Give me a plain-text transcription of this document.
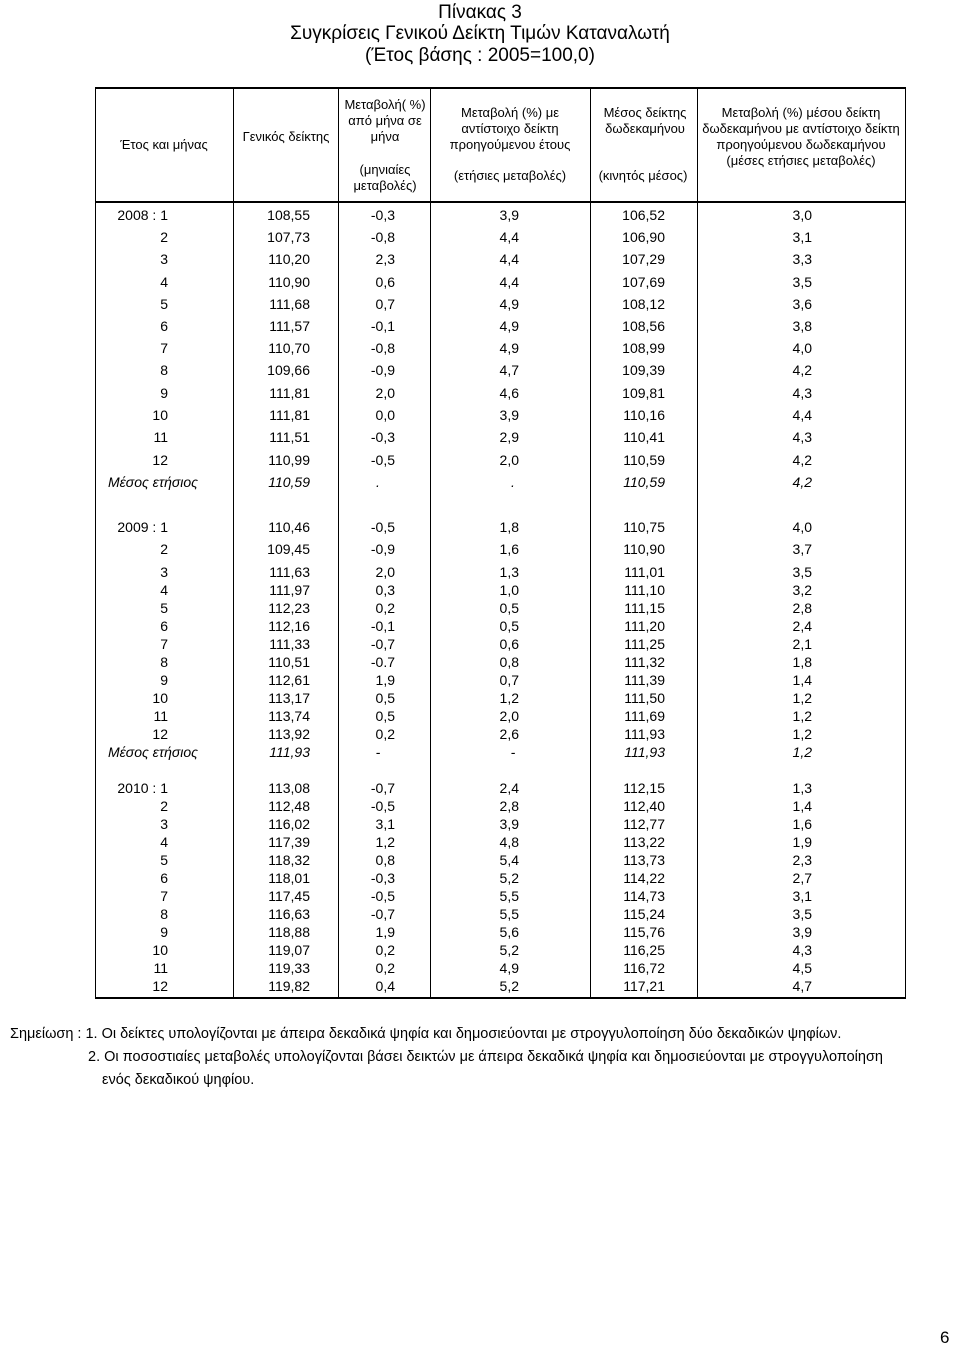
Πίνακας 3
Συγκρίσεις Γενικού Δείκτη Τιμών Καταναλωτή
(Έτος βάσης : 2005=100,0)
Έτος και μήνας
Γενικός δείκτης
Μεταβολή( %) από μήνα σε μήνα
(μηνιαίες μεταβολές)
Μεταβολή (%) με αντίστοιχο δείκτη προηγούμενου έτους
(ετήσιες μεταβολές)
Μέσος δείκτης δωδεκαμήνου
(κινητός μέσος)
Μεταβολή (%) μέσου δείκτη δωδεκαμήνου με αντίστοιχο δείκτη προηγούμενου δωδεκαμήνου (μέσες ετήσιες μεταβολές)
2008 : 1	108,55	-0,3	3,9	106,52	3,0
2	107,73	-0,8	4,4	106,90	3,1
3	110,20	2,3	4,4	107,29	3,3
4	110,90	0,6	4,4	107,69	3,5
5	111,68	0,7	4,9	108,12	3,6
6	111,57	-0,1	4,9	108,56	3,8
7	110,70	-0,8	4,9	108,99	4,0
8	109,66	-0,9	4,7	109,39	4,2
9	111,81	2,0	4,6	109,81	4,3
10	111,81	0,0	3,9	110,16	4,4
11	111,51	-0,3	2,9	110,41	4,3
12	110,99	-0,5	2,0	110,59	4,2
Μέσος ετήσιος	110,59	.	.	110,59	4,2
2009 : 1	110,46	-0,5	1,8	110,75	4,0
2	109,45	-0,9	1,6	110,90	3,7
3	111,63	2,0	1,3	111,01	3,5
4	111,97	0,3	1,0	111,10	3,2
5	112,23	0,2	0,5	111,15	2,8
6	112,16	-0,1	0,5	111,20	2,4
7	111,33	-0,7	0,6	111,25	2,1
8	110,51	-0.7	0,8	111,32	1,8
9	112,61	1,9	0,7	111,39	1,4
10	113,17	0,5	1,2	111,50	1,2
11	113,74	0,5	2,0	111,69	1,2
12	113,92	0,2	2,6	111,93	1,2
Μέσος ετήσιος	111,93	-	-	111,93	1,2
2010 : 1	113,08	-0,7	2,4	112,15	1,3
2	112,48	-0,5	2,8	112,40	1,4
3	116,02	3,1	3,9	112,77	1,6
4	117,39	1,2	4,8	113,22	1,9
5	118,32	0,8	5,4	113,73	2,3
6	118,01	-0,3	5,2	114,22	2,7
7	117,45	-0,5	5,5	114,73	3,1
8	116,63	-0,7	5,5	115,24	3,5
9	118,88	1,9	5,6	115,76	3,9
10	119,07	0,2	5,2	116,25	4,3
11	119,33	0,2	4,9	116,72	4,5
12	119,82	0,4	5,2	117,21	4,7
Σημείωση : 1. Οι δείκτες υπολογίζονται με άπειρα δεκαδικά ψηφία και δημοσιεύονται με στρογγυλοποίηση δύο δεκαδικών ψηφίων.
2. Οι ποσοστιαίες μεταβολές υπολογίζονται βάσει δεικτών με άπειρα δεκαδικά ψηφία και δημοσιεύονται με στρογγυλοποίηση
ενός δεκαδικού ψηφίου.
6
